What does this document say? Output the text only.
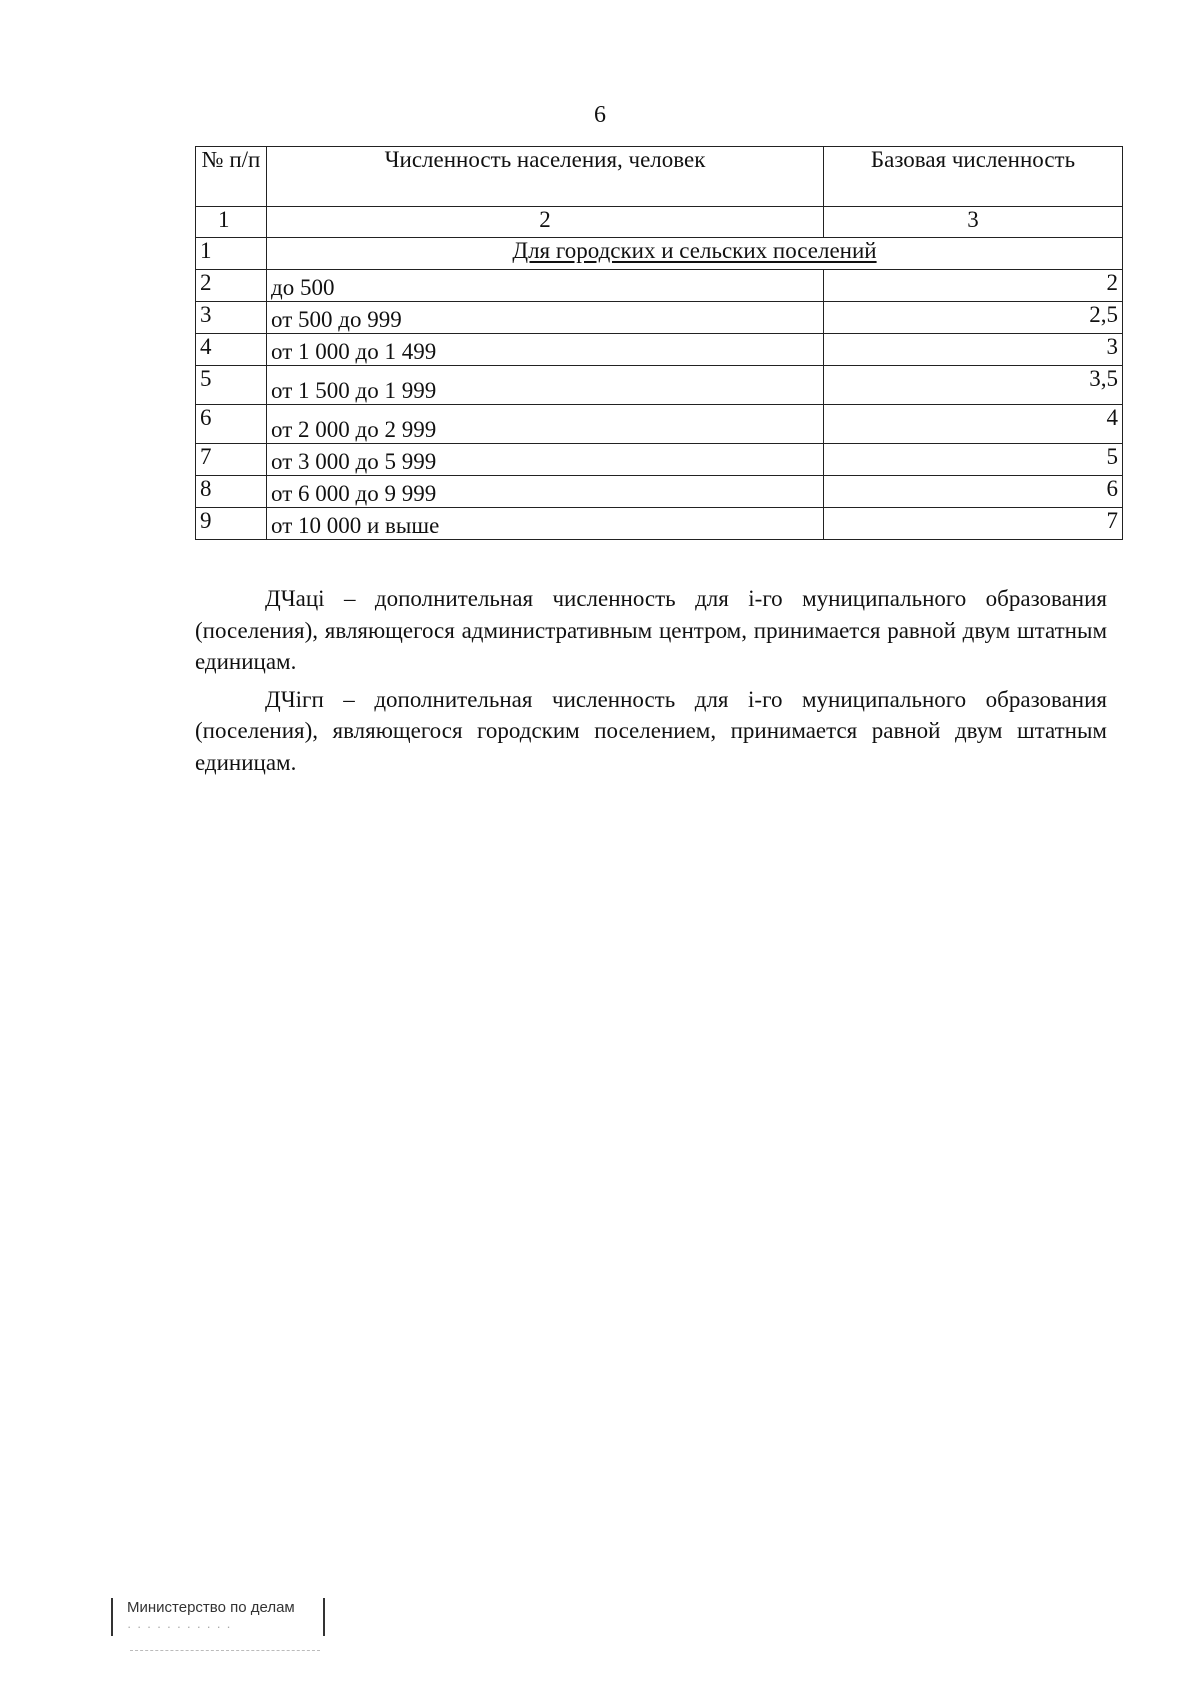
6
№ п/п	Численность населения, человек	Базовая численность
1	2	3
1	Для городских и сельских поселений	
2	до 500	2
3	от 500 до 999	2,5
4	от 1 000 до 1 499	3
5	от 1 500 до 1 999	3,5
6	от 2 000 до 2 999	4
7	от 3 000 до 5 999	5
8	от 6 000 до 9 999	6
9	от 10 000 и выше	7

ДЧаці – дополнительная численность для і-го муниципального образования (поселения), являющегося административным центром, принимается равной двум штатным единицам.

ДЧігп – дополнительная численность для і-го муниципального образования (поселения), являющегося городским поселением, принимается равной двум штатным единицам.

Министерство по делам
· · · · · · · · · · ·
